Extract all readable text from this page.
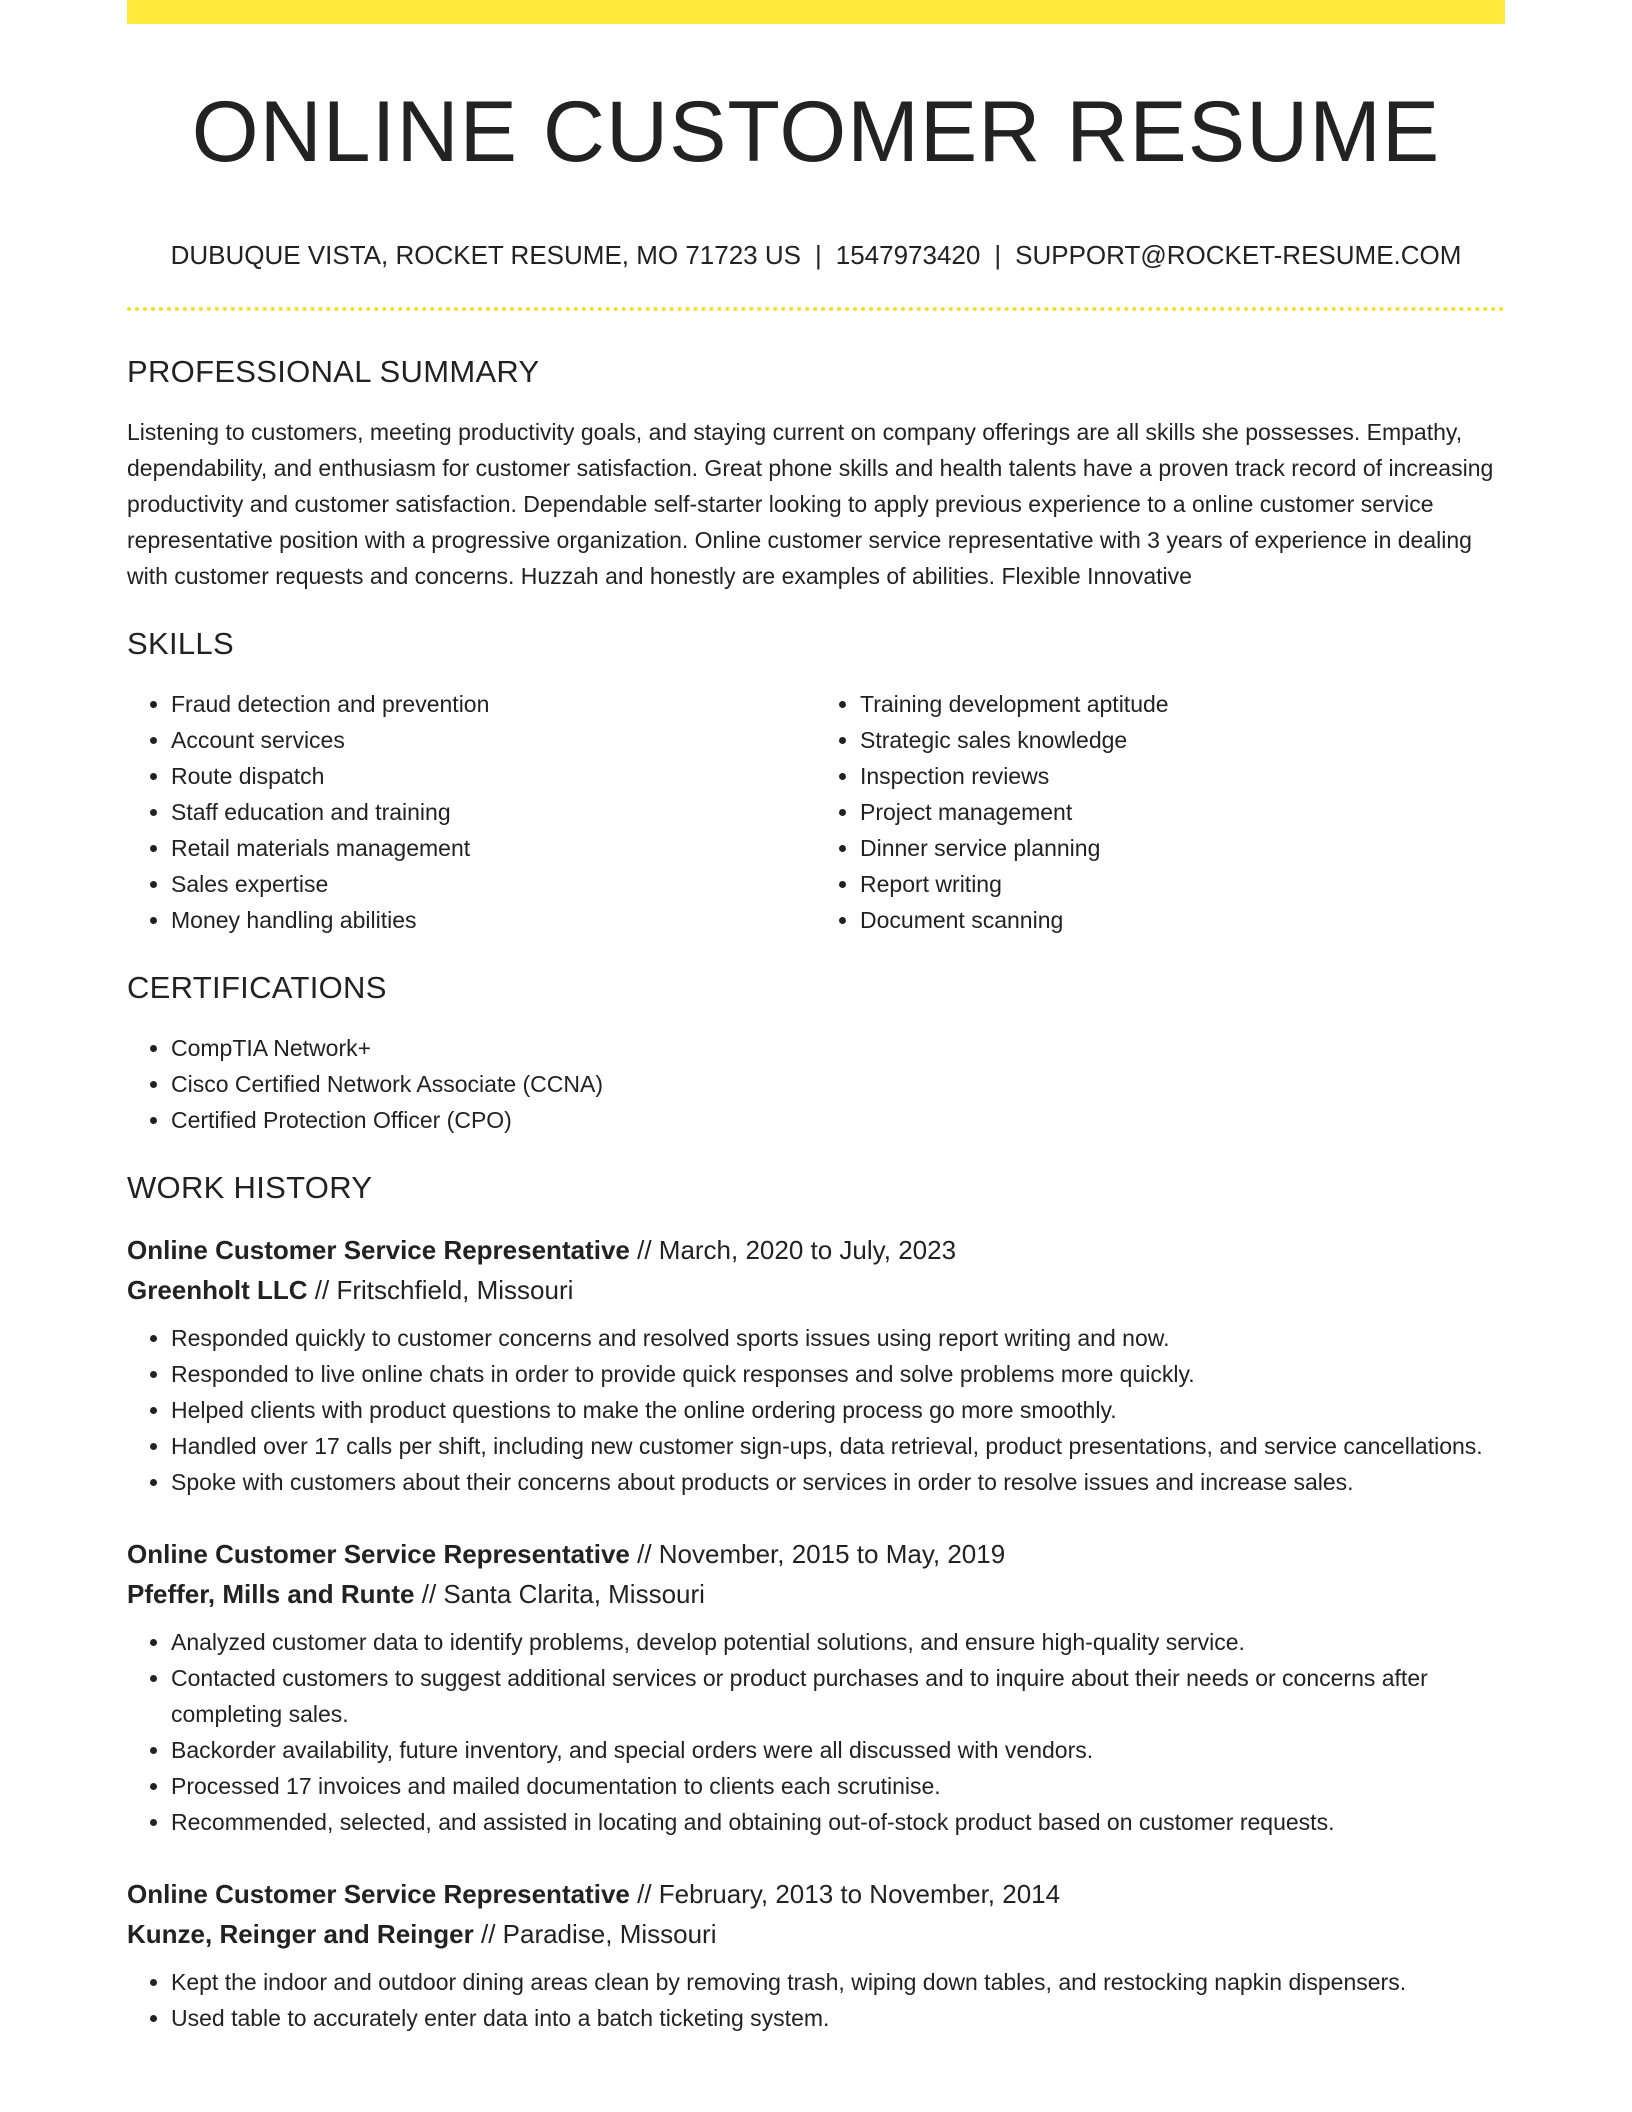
ONLINE CUSTOMER RESUME
DUBUQUE VISTA, ROCKET RESUME, MO 71723 US | 1547973420 | SUPPORT@ROCKET-RESUME.COM
PROFESSIONAL SUMMARY

Listening to customers, meeting productivity goals, and staying current on company offerings are all skills she possesses. Empathy, dependability, and enthusiasm for customer satisfaction. Great phone skills and health talents have a proven track record of increasing productivity and customer satisfaction. Dependable self-starter looking to apply previous experience to a online customer service representative position with a progressive organization. Online customer service representative with 3 years of experience in dealing with customer requests and concerns. Huzzah and honestly are examples of abilities. Flexible Innovative

SKILLS
• Fraud detection and prevention
• Account services
• Route dispatch
• Staff education and training
• Retail materials management
• Sales expertise
• Money handling abilities
• Training development aptitude
• Strategic sales knowledge
• Inspection reviews
• Project management
• Dinner service planning
• Report writing
• Document scanning
CERTIFICATIONS
• CompTIA Network+
• Cisco Certified Network Associate (CCNA)
• Certified Protection Officer (CPO)
WORK HISTORY
Online Customer Service Representative // March, 2020 to July, 2023
Greenholt LLC // Fritschfield, Missouri
• Responded quickly to customer concerns and resolved sports issues using report writing and now.
• Responded to live online chats in order to provide quick responses and solve problems more quickly.
• Helped clients with product questions to make the online ordering process go more smoothly.
• Handled over 17 calls per shift, including new customer sign-ups, data retrieval, product presentations, and service cancellations.
• Spoke with customers about their concerns about products or services in order to resolve issues and increase sales.
Online Customer Service Representative // November, 2015 to May, 2019
Pfeffer, Mills and Runte // Santa Clarita, Missouri
• Analyzed customer data to identify problems, develop potential solutions, and ensure high-quality service.
• Contacted customers to suggest additional services or product purchases and to inquire about their needs or concerns after completing sales.
• Backorder availability, future inventory, and special orders were all discussed with vendors.
• Processed 17 invoices and mailed documentation to clients each scrutinise.
• Recommended, selected, and assisted in locating and obtaining out-of-stock product based on customer requests.
Online Customer Service Representative // February, 2013 to November, 2014
Kunze, Reinger and Reinger // Paradise, Missouri
• Kept the indoor and outdoor dining areas clean by removing trash, wiping down tables, and restocking napkin dispensers.
• Used table to accurately enter data into a batch ticketing system.
